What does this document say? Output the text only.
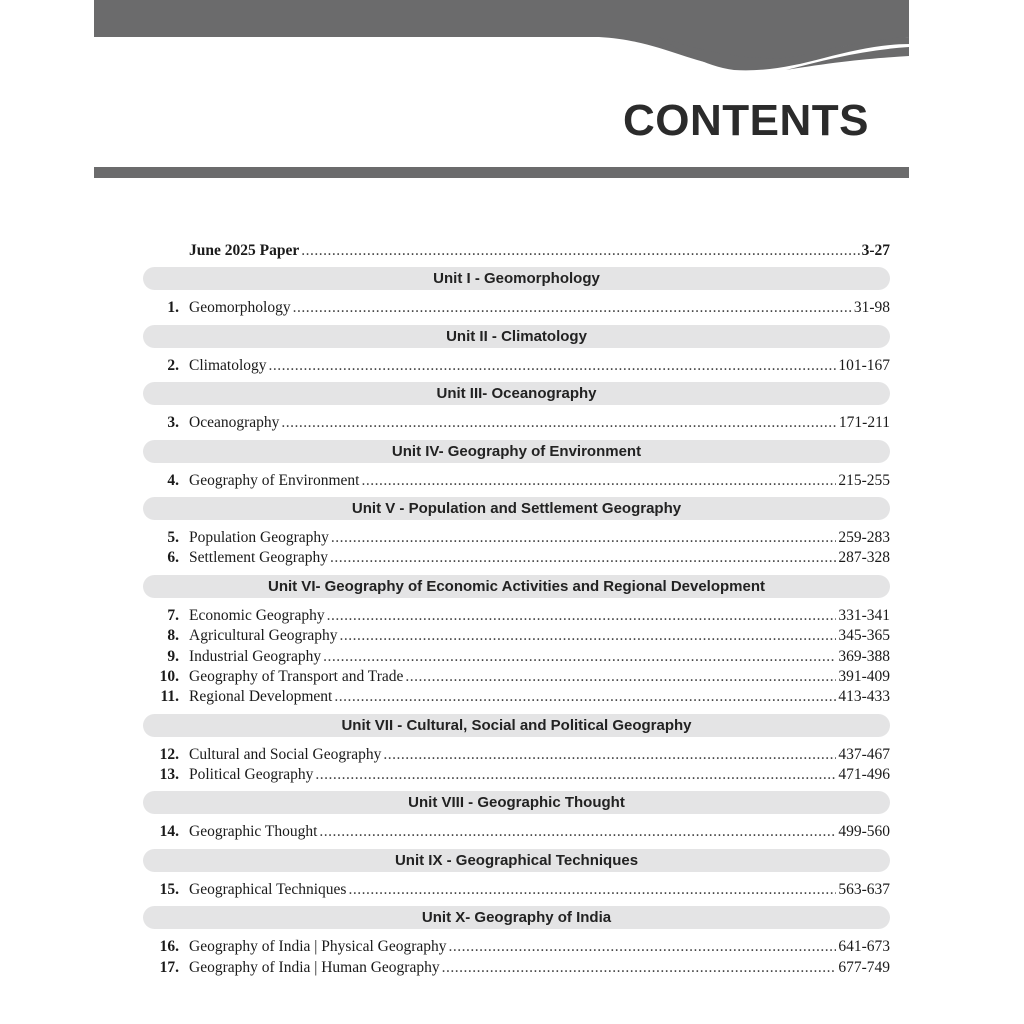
CONTENTS
June 2025 Paper .....	3-27
Unit I - Geomorphology
1. Geomorphology .....	31-98
Unit II - Climatology
2. Climatology .....	101-167
Unit III- Oceanography
3. Oceanography .....	171-211
Unit IV- Geography of Environment
4. Geography of Environment .....	215-255
Unit V - Population and Settlement Geography
5. Population Geography .....	259-283
6. Settlement Geography .....	287-328
Unit VI- Geography of Economic Activities and Regional Development
7. Economic Geography .....	331-341
8. Agricultural Geography .....	345-365
9. Industrial Geography .....	369-388
10. Geography of Transport and Trade .....	391-409
11. Regional Development .....	413-433
Unit VII - Cultural, Social and Political Geography
12. Cultural and Social Geography .....	437-467
13. Political Geography .....	471-496
Unit VIII - Geographic Thought
14. Geographic Thought .....	499-560
Unit IX - Geographical Techniques
15. Geographical Techniques .....	563-637
Unit X- Geography of India
16. Geography of India | Physical Geography .....	641-673
17. Geography of India | Human Geography .....	677-749
